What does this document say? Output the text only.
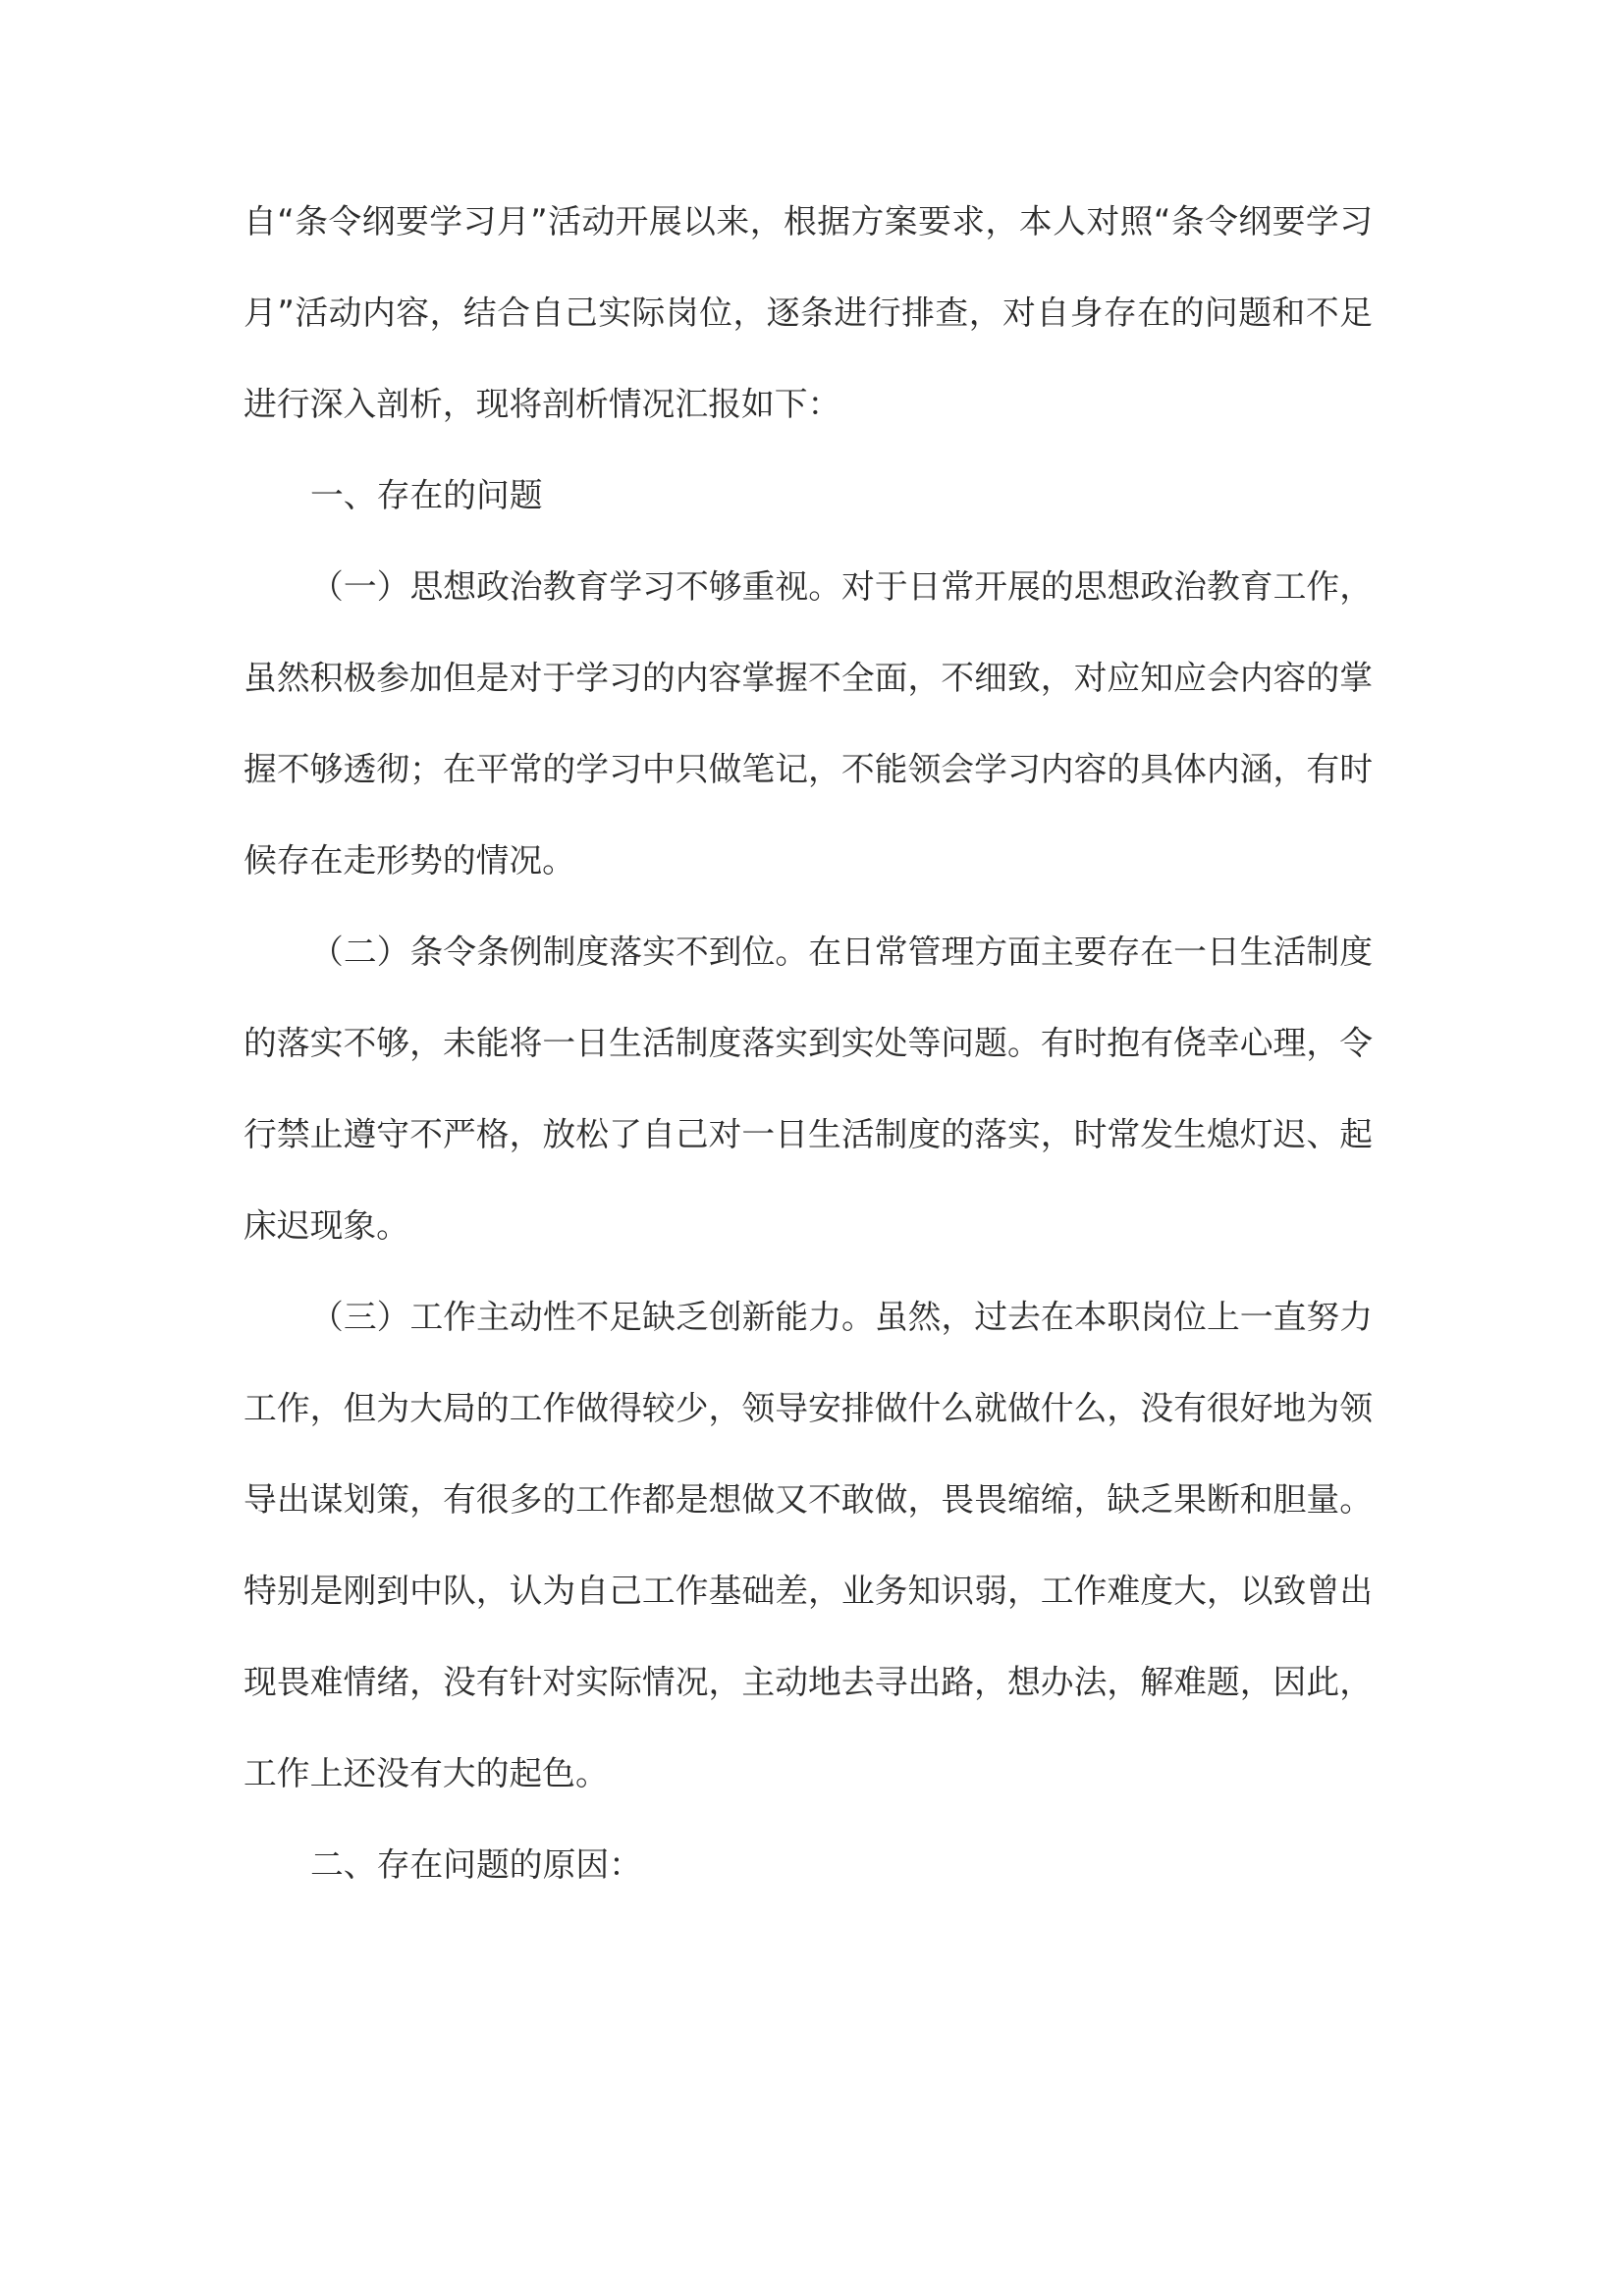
自“条令纲要学习月”活动开展以来，根据方案要求，本人对照“条令纲要学习月”活动内容，结合自己实际岗位，逐条进行排查，对自身存在的问题和不足进行深入剖析，现将剖析情况汇报如下：

一、存在的问题

（一）思想政治教育学习不够重视。对于日常开展的思想政治教育工作，虽然积极参加但是对于学习的内容掌握不全面，不细致，对应知应会内容的掌握不够透彻；在平常的学习中只做笔记，不能领会学习内容的具体内涵，有时候存在走形势的情况。

（二）条令条例制度落实不到位。在日常管理方面主要存在一日生活制度的落实不够，未能将一日生活制度落实到实处等问题。有时抱有侥幸心理，令行禁止遵守不严格，放松了自己对一日生活制度的落实，时常发生熄灯迟、起床迟现象。

（三）工作主动性不足缺乏创新能力。虽然，过去在本职岗位上一直努力工作，但为大局的工作做得较少，领导安排做什么就做什么，没有很好地为领导出谋划策，有很多的工作都是想做又不敢做，畏畏缩缩，缺乏果断和胆量。特别是刚到中队，认为自己工作基础差，业务知识弱，工作难度大，以致曾出现畏难情绪，没有针对实际情况，主动地去寻出路，想办法，解难题，因此，工作上还没有大的起色。

二、存在问题的原因：
